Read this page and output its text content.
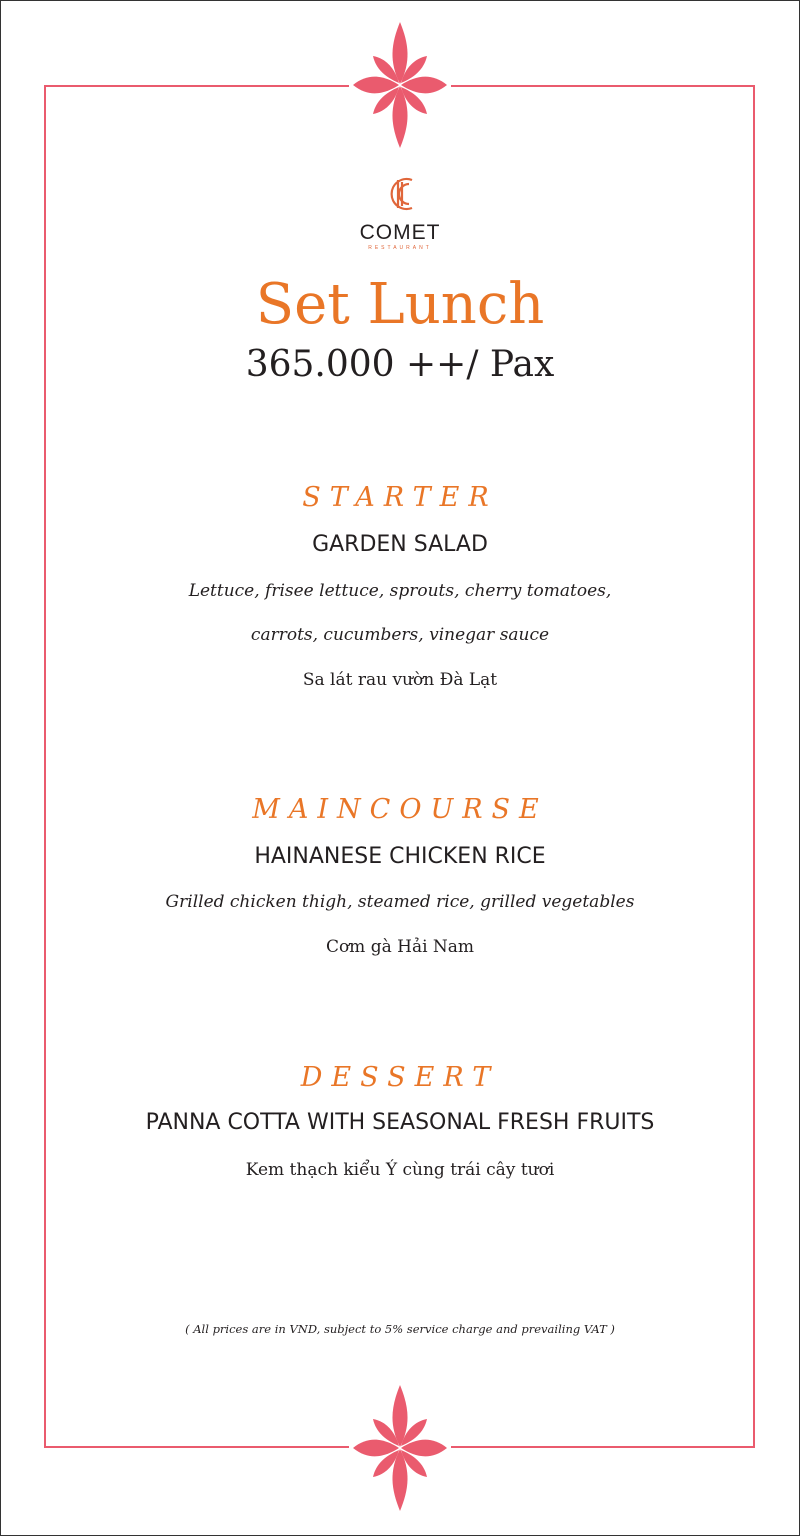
COMET
RESTAURANT
Set Lunch
365.000 ++/ Pax
STARTER
GARDEN SALAD
Lettuce, frisee lettuce, sprouts, cherry tomatoes,
carrots, cucumbers, vinegar sauce
Sa lát rau vườn Đà Lạt
MAINCOURSE
HAINANESE CHICKEN RICE
Grilled chicken thigh, steamed rice, grilled vegetables
Cơm gà Hải Nam
DESSERT
PANNA COTTA WITH SEASONAL FRESH FRUITS
Kem thạch kiểu Ý cùng trái cây tươi
( All prices are in VND, subject to 5% service charge and prevailing VAT )
